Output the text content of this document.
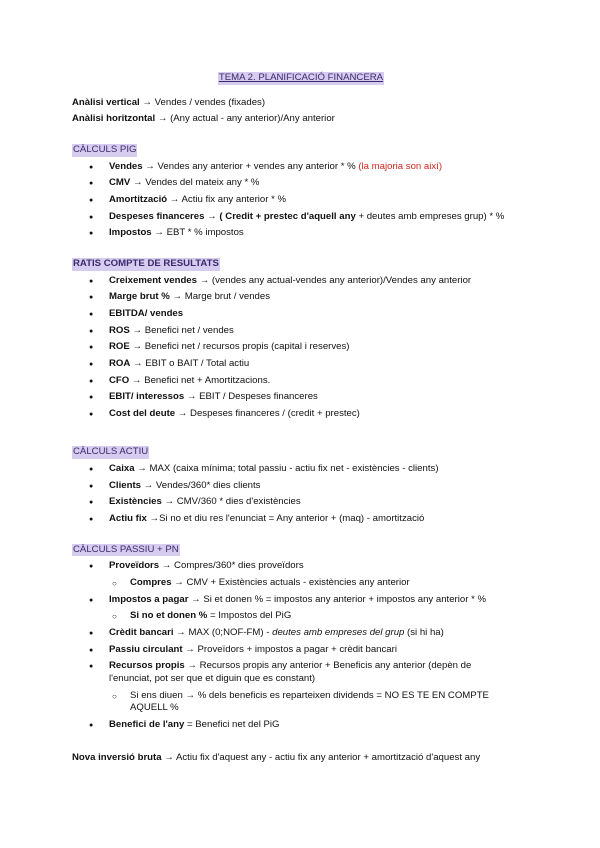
TEMA 2. PLANIFICACIÓ FINANCERA
Anàlisi vertical → Vendes / vendes (fixades)
Anàlisi horitzontal → (Any actual - any anterior)/Any anterior
CÀLCULS PIG
● Vendes → Vendes any anterior + vendes any anterior * % (la majoria son així)
● CMV → Vendes del mateix any * %
● Amortització → Actiu fix any anterior * %
● Despeses financeres → ( Credit + prestec d'aquell any + deutes amb empreses grup) * %
● Impostos → EBT * % impostos
RATIS COMPTE DE RESULTATS
● Creixement vendes → (vendes any actual-vendes any anterior)/Vendes any anterior
● Marge brut % → Marge brut / vendes
● EBITDA/ vendes
● ROS → Benefici net / vendes
● ROE → Benefici net / recursos propis (capital i reserves)
● ROA → EBIT o BAIT / Total actiu
● CFO → Benefici net + Amortitzacions.
● EBIT/ interessos → EBIT / Despeses financeres
● Cost del deute → Despeses financeres / (credit + prestec)
CÀLCULS ACTIU
● Caixa → MAX (caixa mínima; total passiu - actiu fix net - existències - clients)
● Clients → Vendes/360* dies clients
● Existències → CMV/360 * dies d'existències
● Actiu fix →Si no et diu res l'enunciat = Any anterior + (maq) - amortització
CÀLCULS PASSIU + PN
● Proveïdors → Compres/360* dies proveïdors
○ Compres → CMV + Existències actuals - existències any anterior
● Impostos a pagar → Si et donen % = impostos any anterior + impostos any anterior * %
○ Si no et donen % = Impostos del PiG
● Crèdit bancari → MAX (0;NOF-FM) - deutes amb empreses del grup (si hi ha)
● Passiu circulant → Proveïdors + impostos a pagar + crèdit bancari
● Recursos propis → Recursos propis any anterior + Beneficis any anterior (depèn de
l'enunciat, pot ser que et diguin que es constant)
○ Si ens diuen → % dels beneficis es reparteixen dividends = NO ES TE EN COMPTE
AQUELL %
● Benefici de l'any = Benefici net del PiG
Nova inversió bruta → Actiu fix d'aquest any - actiu fix any anterior + amortització d'aquest any
